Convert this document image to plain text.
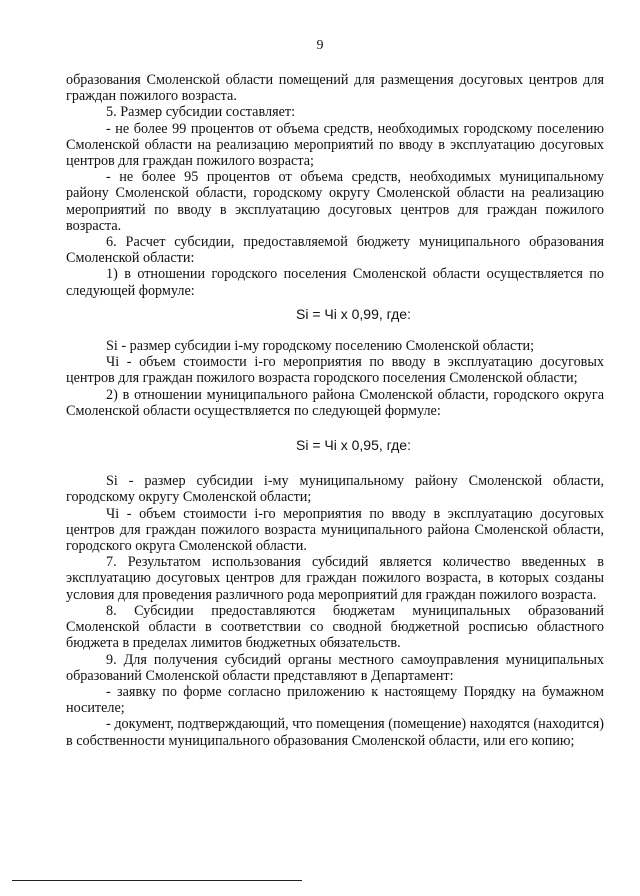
9

образования Смоленской области помещений для размещения досуговых центров для граждан пожилого возраста.

5. Размер субсидии составляет:

- не более 99 процентов от объема средств, необходимых городскому поселению Смоленской области на реализацию мероприятий по вводу в эксплуатацию досуговых центров для граждан пожилого возраста;

- не более 95 процентов от объема средств, необходимых муниципальному району Смоленской области, городскому округу Смоленской области на реализацию мероприятий по вводу в эксплуатацию досуговых центров для граждан пожилого возраста.

6. Расчет субсидии, предоставляемой бюджету муниципального образования Смоленской области:

1) в отношении городского поселения Смоленской области осуществляется по следующей формуле:

Si = Чi x 0,99, где:

Si - размер субсидии i-му городскому поселению Смоленской области;

Чi - объем стоимости i-го мероприятия по вводу в эксплуатацию досуговых центров для граждан пожилого возраста городского поселения Смоленской области;

2) в отношении муниципального района Смоленской области, городского округа Смоленской области осуществляется по следующей формуле:

Si = Чi x 0,95, где:

Si - размер субсидии i-му муниципальному району Смоленской области, городскому округу Смоленской области;

Чi - объем стоимости i-го мероприятия по вводу в эксплуатацию досуговых центров для граждан пожилого возраста муниципального района Смоленской области, городского округа Смоленской области.

7. Результатом использования субсидий является количество введенных в эксплуатацию досуговых центров для граждан пожилого возраста, в которых созданы условия для проведения различного рода мероприятий для граждан пожилого возраста.

8. Субсидии предоставляются бюджетам муниципальных образований Смоленской области в соответствии со сводной бюджетной росписью областного бюджета в пределах лимитов бюджетных обязательств.

9. Для получения субсидий органы местного самоуправления муниципальных образований Смоленской области представляют в Департамент:

- заявку по форме согласно приложению к настоящему Порядку на бумажном носителе;

- документ, подтверждающий, что помещения (помещение) находятся (находится) в собственности муниципального образования Смоленской области, или его копию;
